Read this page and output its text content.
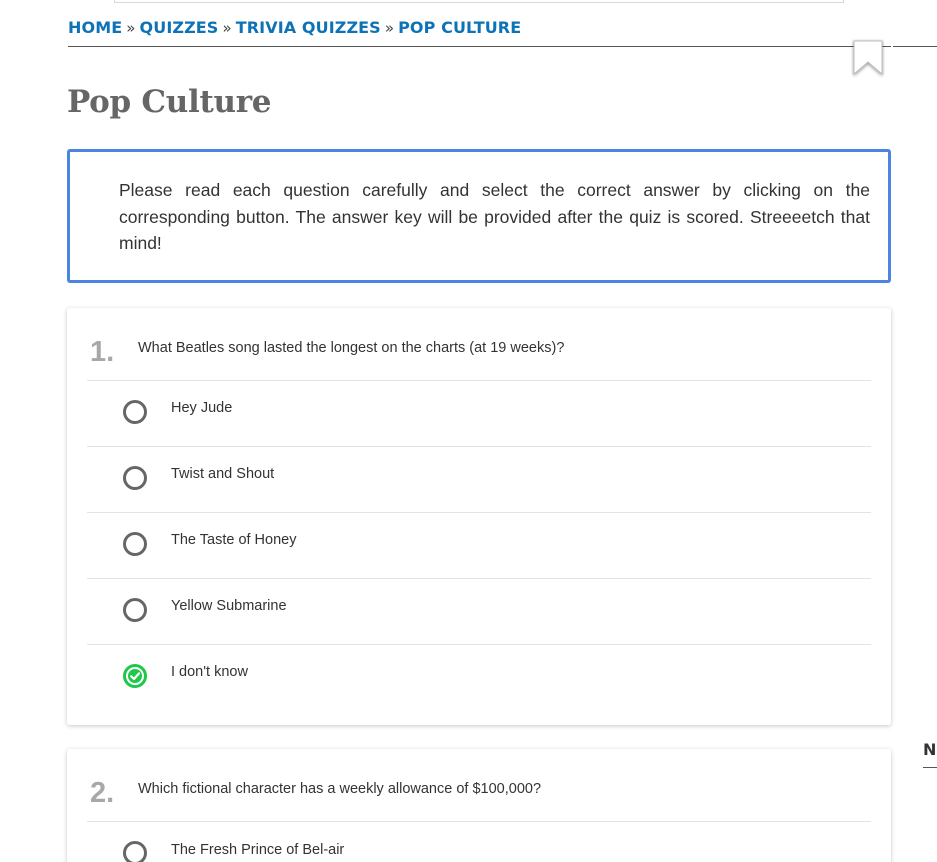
HOME » QUIZZES » TRIVIA QUIZZES » POP CULTURE
Pop Culture

Please read each question carefully and select the correct answer by clicking on the corresponding button. The answer key will be provided after the quiz is scored. Streeeetch that mind!

1. What Beatles song lasted the longest on the charts (at 19 weeks)?
Hey Jude
Twist and Shout
The Taste of Honey
Yellow Submarine
I don't know
2. Which fictional character has a weekly allowance of $100,000?
The Fresh Prince of Bel-air
N
